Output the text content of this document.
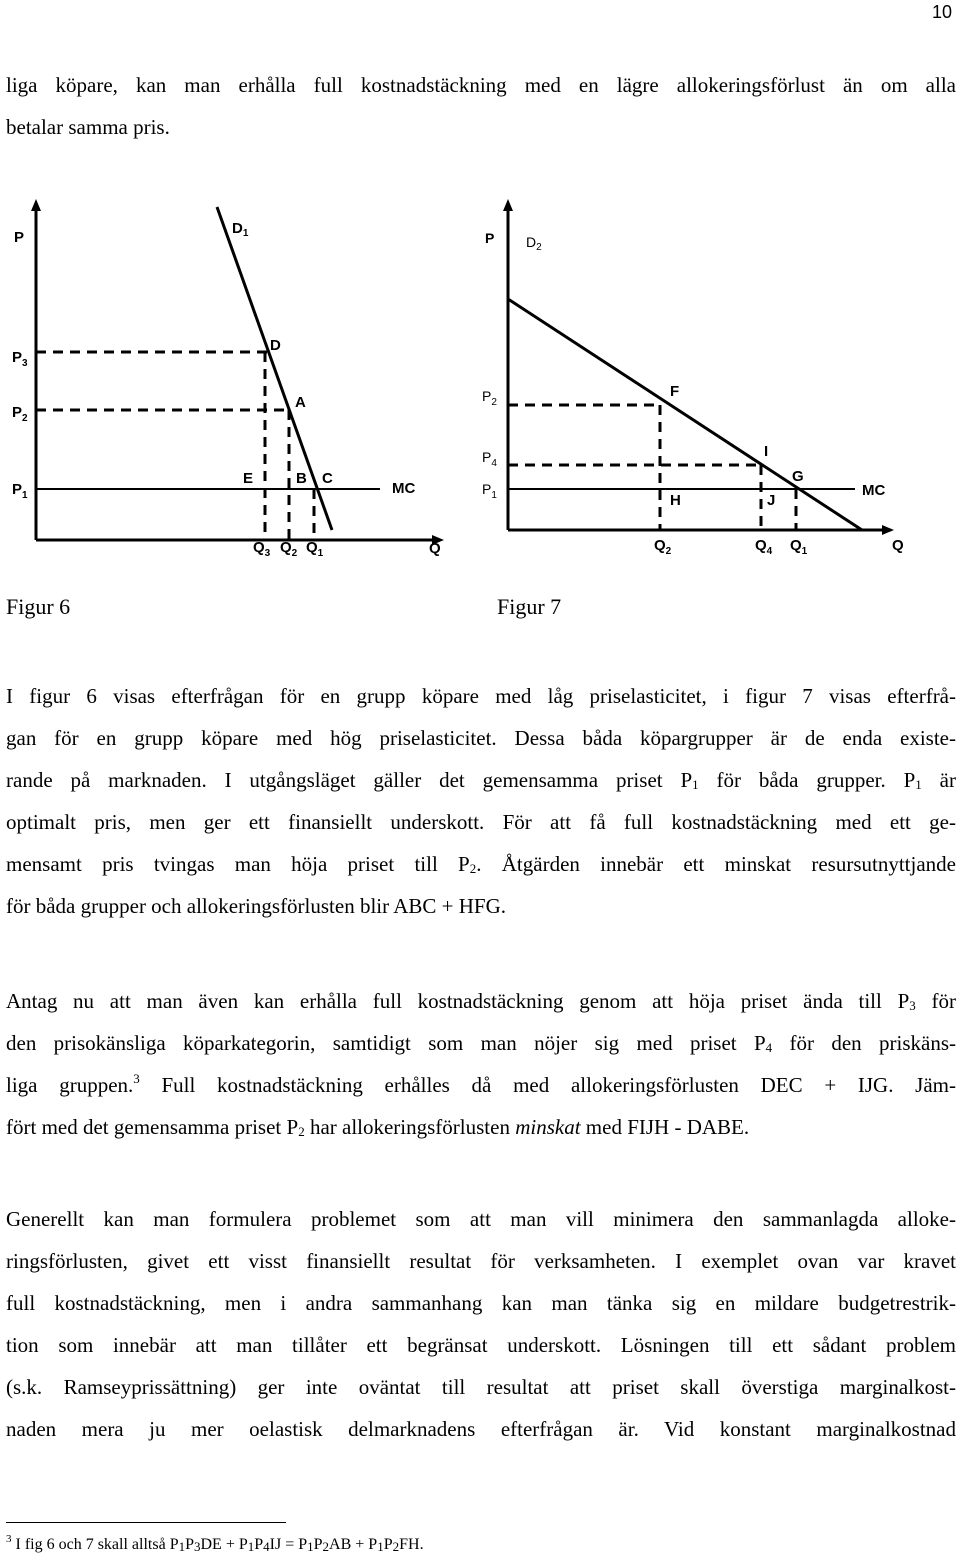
10
liga köpare, kan man erhålla full kostnadstäckning med en lägre allokeringsförlust än om alla
betalar samma pris.
P
$D_1$
$P_3$
$P_2$
$P_1$
D
A
E	B C
MC
$Q_3$ $Q_2$ $Q_1$	Q
P $D_2$
$P_2$
$P_4$
$P_1$
F
I
G
H	J
MC
$Q_2$	$Q_4$ $Q_1$	Q
Figur 6	Figur 7
I figur 6 visas efterfrågan för en grupp köpare med låg priselasticitet, i figur 7 visas efterfrå-
gan för en grupp köpare med hög priselasticitet. Dessa båda köpargrupper är de enda existe-
rande på marknaden. I utgångsläget gäller det gemensamma priset $P_1$ för båda grupper. $P_1$ är
optimalt pris, men ger ett finansiellt underskott. För att få full kostnadstäckning med ett ge-
mensamt pris tvingas man höja priset till $P_2$. Åtgärden innebär ett minskat resursutnyttjande
för båda grupper och allokeringsförlusten blir ABC + HFG.
Antag nu att man även kan erhålla full kostnadstäckning genom att höja priset ända till $P_3$ för
den prisokänsliga köparkategorin, samtidigt som man nöjer sig med priset $P_4$ för den priskäns-
liga gruppen.$^3$ Full kostnadstäckning erhålles då med allokeringsförlusten DEC + IJG. Jäm-
fört med det gemensamma priset $P_2$ har allokeringsförlusten minskat med FIJH - DABE.
Generellt kan man formulera problemet som att man vill minimera den sammanlagda alloke-
ringsförlusten, givet ett visst finansiellt resultat för verksamheten. I exemplet ovan var kravet
full kostnadstäckning, men i andra sammanhang kan man tänka sig en mildare budgetrestrik-
tion som innebär att man tillåter ett begränsat underskott. Lösningen till ett sådant problem
(s.k. Ramseyprissättning) ger inte oväntat till resultat att priset skall överstiga marginalkost-
naden mera ju mer oelastisk delmarknadens efterfrågan är. Vid konstant marginalkostnad
$^3$ I fig 6 och 7 skall alltså $P_1P_3DE + P_1P_4IJ = P_1P_2AB + P_1P_2FH$.
